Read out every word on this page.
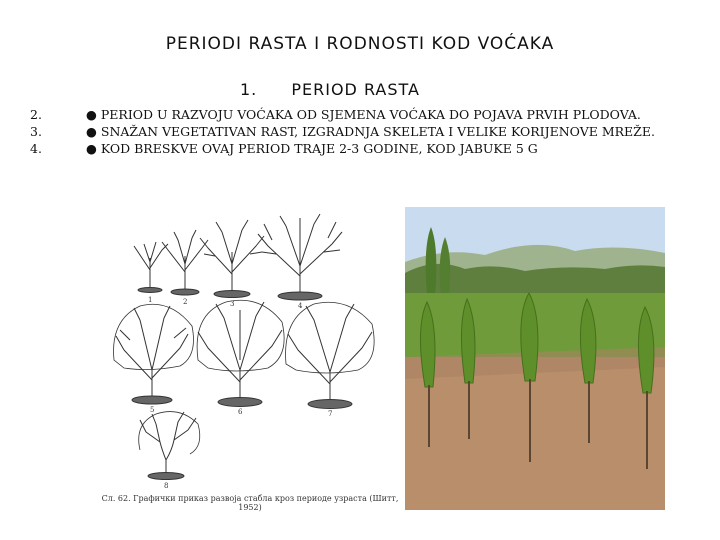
PERIODI RASTA I RODNOSTI KOD VOĆAKA
1. PERIOD RASTA

2.	● PERIOD U RAZVOJU VOĆAKA OD SJEMENA VOĆAKA DO POJAVA PRVIH PLODOVA.

3.	● SNAŽAN VEGETATIVAN RAST, IZGRADNJA SKELETA I VELIKE KORIJENOVE MREŽE.

4.	● KOD BRESKVE OVAJ PERIOD TRAJE 2-3 GODINE, KOD JABUKE 5 G

1	2	3	4
5	6	7
8
Сл. 62. Графички приказ развоја стабла кроз периоде узраста (Шитт, 1952)
